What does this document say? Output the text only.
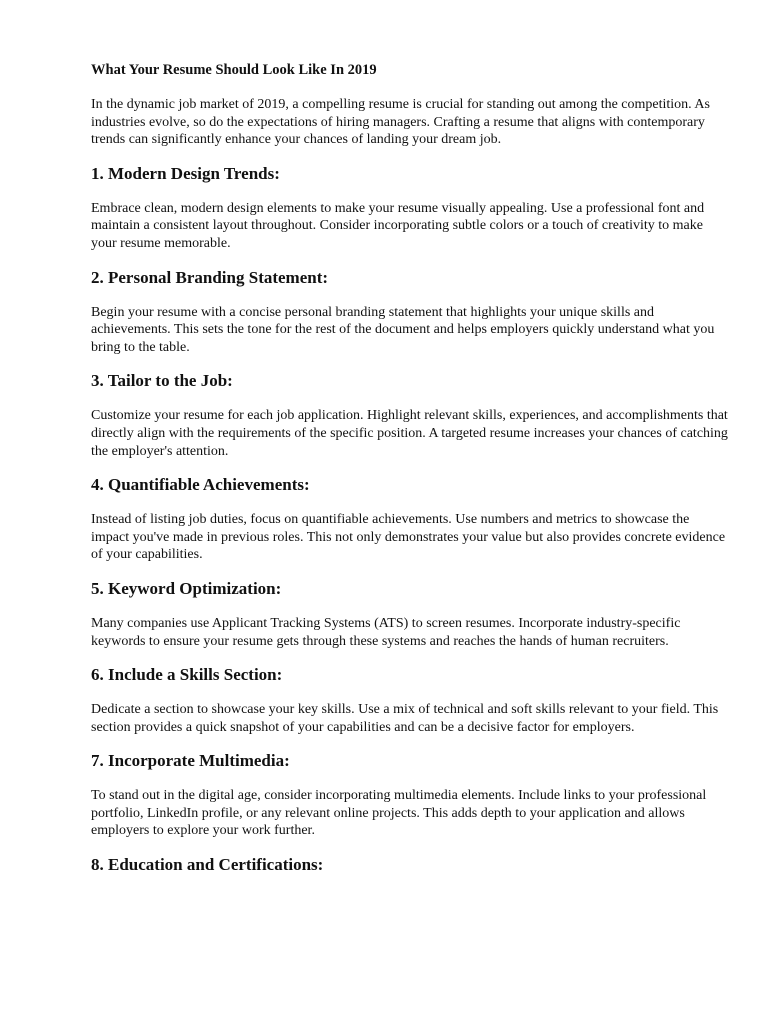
What Your Resume Should Look Like In 2019

In the dynamic job market of 2019, a compelling resume is crucial for standing out among the competition. As industries evolve, so do the expectations of hiring managers. Crafting a resume that aligns with contemporary trends can significantly enhance your chances of landing your dream job.

1. Modern Design Trends:

Embrace clean, modern design elements to make your resume visually appealing. Use a professional font and maintain a consistent layout throughout. Consider incorporating subtle colors or a touch of creativity to make your resume memorable.

2. Personal Branding Statement:

Begin your resume with a concise personal branding statement that highlights your unique skills and achievements. This sets the tone for the rest of the document and helps employers quickly understand what you bring to the table.

3. Tailor to the Job:

Customize your resume for each job application. Highlight relevant skills, experiences, and accomplishments that directly align with the requirements of the specific position. A targeted resume increases your chances of catching the employer's attention.

4. Quantifiable Achievements:

Instead of listing job duties, focus on quantifiable achievements. Use numbers and metrics to showcase the impact you've made in previous roles. This not only demonstrates your value but also provides concrete evidence of your capabilities.

5. Keyword Optimization:

Many companies use Applicant Tracking Systems (ATS) to screen resumes. Incorporate industry-specific keywords to ensure your resume gets through these systems and reaches the hands of human recruiters.

6. Include a Skills Section:

Dedicate a section to showcase your key skills. Use a mix of technical and soft skills relevant to your field. This section provides a quick snapshot of your capabilities and can be a decisive factor for employers.

7. Incorporate Multimedia:

To stand out in the digital age, consider incorporating multimedia elements. Include links to your professional portfolio, LinkedIn profile, or any relevant online projects. This adds depth to your application and allows employers to explore your work further.

8. Education and Certifications:
